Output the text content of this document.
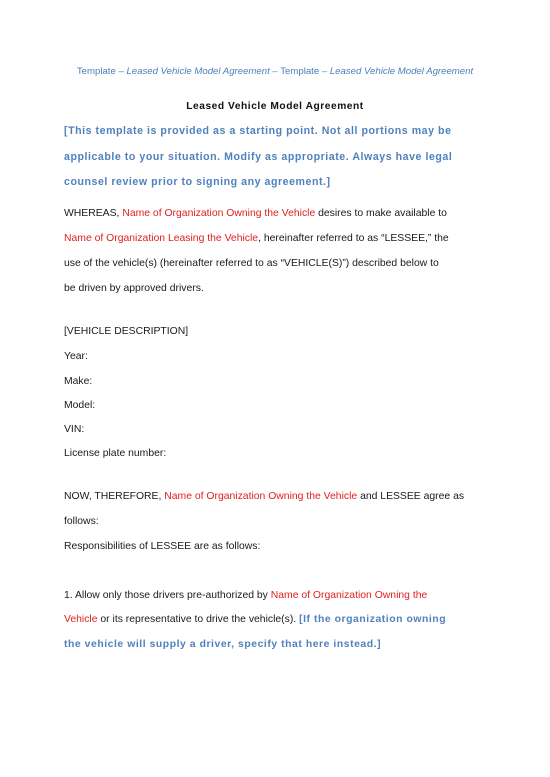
Template – Leased Vehicle Model Agreement – Template – Leased Vehicle Model Agreement
Leased Vehicle Model Agreement
[This template is provided as a starting point. Not all portions may be
applicable to your situation. Modify as appropriate. Always have legal
counsel review prior to signing any agreement.]
WHEREAS, Name of Organization Owning the Vehicle desires to make available to
Name of Organization Leasing the Vehicle, hereinafter referred to as “LESSEE,” the
use of the vehicle(s) (hereinafter referred to as “VEHICLE(S)”) described below to
be driven by approved drivers.
[VEHICLE DESCRIPTION]
Year:
Make:
Model:
VIN:
License plate number:
NOW, THEREFORE, Name of Organization Owning the Vehicle and LESSEE agree as
follows:
Responsibilities of LESSEE are as follows:
1. Allow only those drivers pre-authorized by Name of Organization Owning the
Vehicle or its representative to drive the vehicle(s). [If the organization owning
the vehicle will supply a driver, specify that here instead.]
